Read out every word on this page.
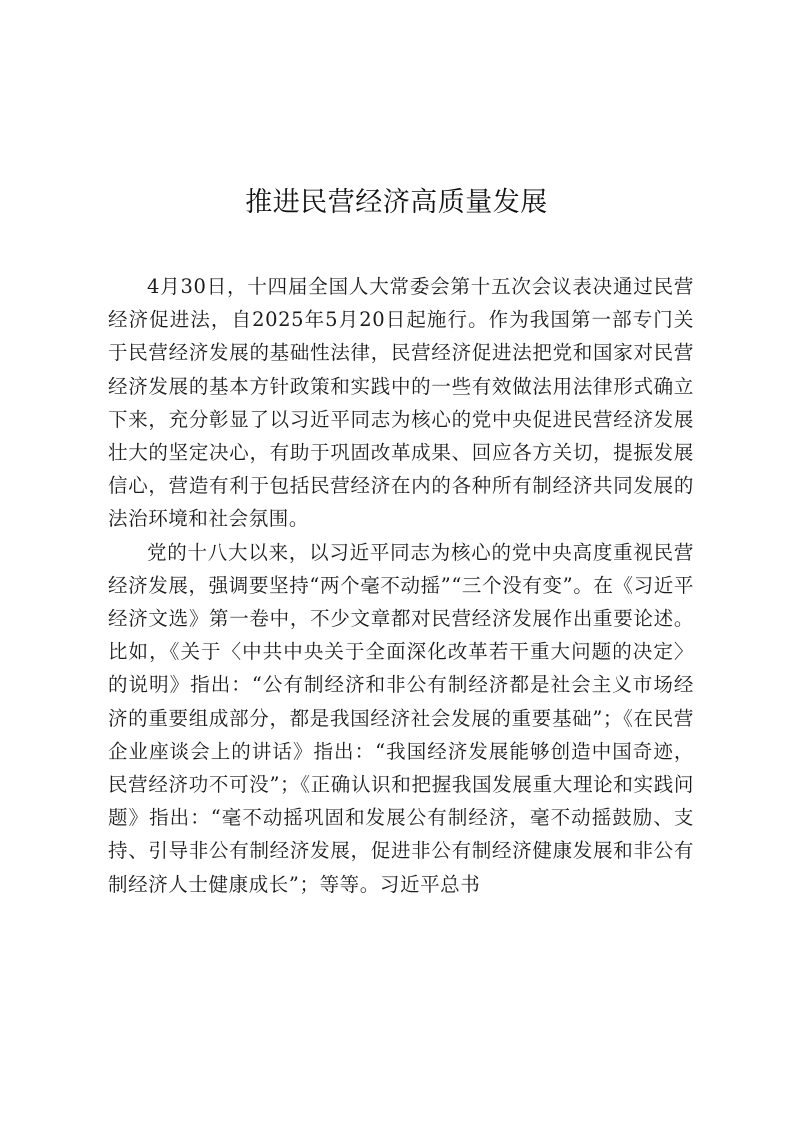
推进民营经济高质量发展

4月30日，十四届全国人大常委会第十五次会议表决通过民营经济促进法，自2025年5月20日起施行。作为我国第一部专门关于民营经济发展的基础性法律，民营经济促进法把党和国家对民营经济发展的基本方针政策和实践中的一些有效做法用法律形式确立下来，充分彰显了以习近平同志为核心的党中央促进民营经济发展壮大的坚定决心，有助于巩固改革成果、回应各方关切，提振发展信心，营造有利于包括民营经济在内的各种所有制经济共同发展的法治环境和社会氛围。

党的十八大以来，以习近平同志为核心的党中央高度重视民营经济发展，强调要坚持“两个毫不动摇”“三个没有变”。在《习近平经济文选》第一卷中，不少文章都对民营经济发展作出重要论述。比如，《关于〈中共中央关于全面深化改革若干重大问题的决定〉的说明》指出：“公有制经济和非公有制经济都是社会主义市场经济的重要组成部分，都是我国经济社会发展的重要基础”；《在民营企业座谈会上的讲话》指出：“我国经济发展能够创造中国奇迹，民营经济功不可没”；《正确认识和把握我国发展重大理论和实践问题》指出：“毫不动摇巩固和发展公有制经济，毫不动摇鼓励、支持、引导非公有制经济发展，促进非公有制经济健康发展和非公有制经济人士健康成长”；等等。习近平总书
